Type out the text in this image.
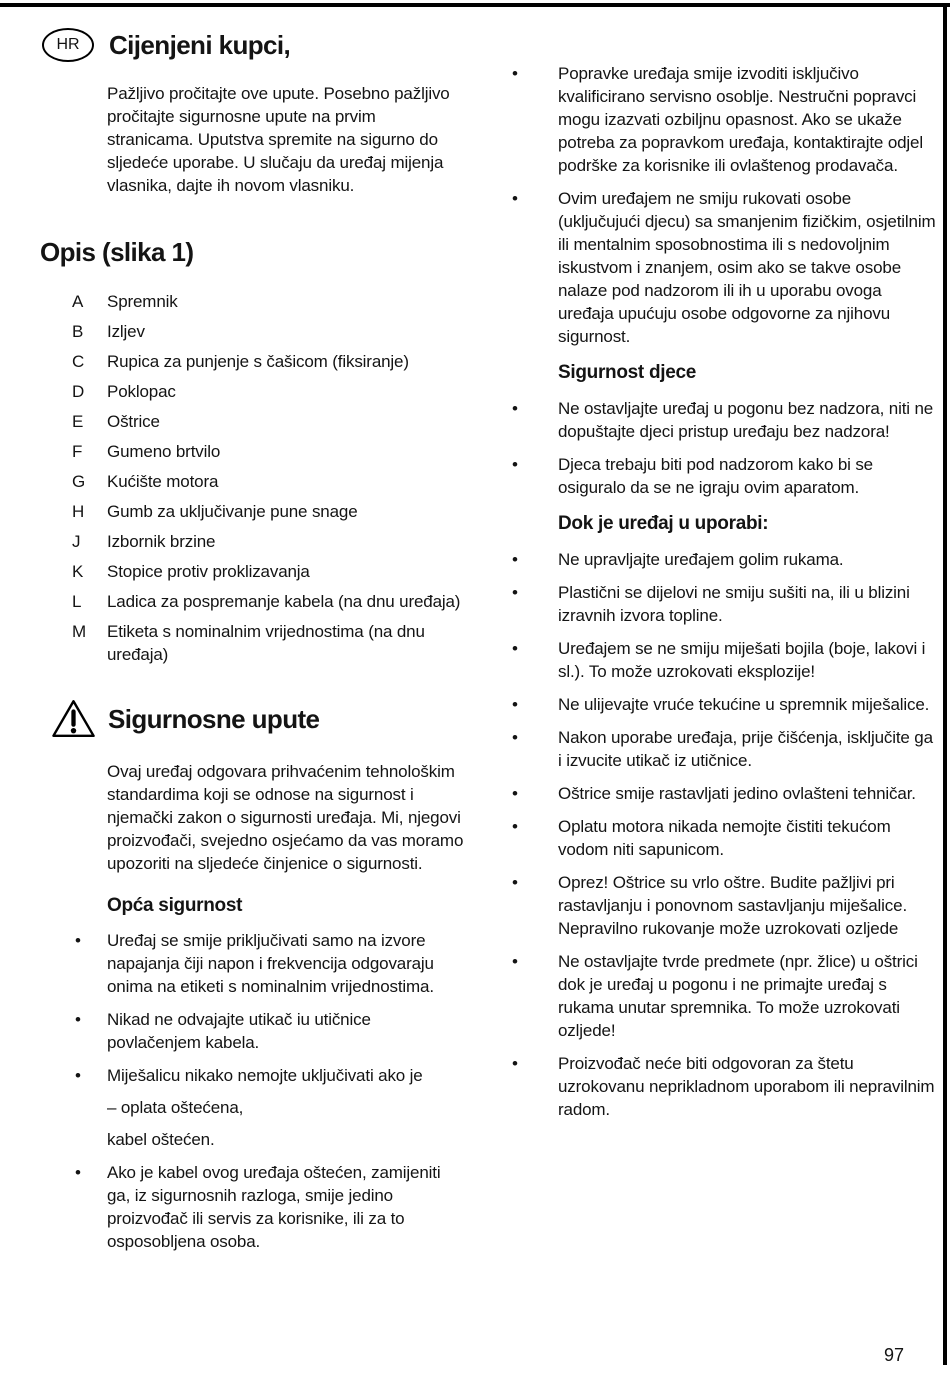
HR	Cijenjeni kupci,

Pažljivo pročitajte ove upute. Posebno pažljivo pročitajte sigurnosne upute na prvim stranicama. Uputstva spremite na sigurno do sljedeće uporabe. U slučaju da uređaj mijenja vlasnika, dajte ih novom vlasniku.

Opis (slika 1)
A	Spremnik
B	Izljev
C	Rupica za punjenje s čašicom (fiksiranje)
D	Poklopac
E	Oštrice
F	Gumeno brtvilo
G	Kućište motora
H	Gumb za uključivanje pune snage
J	Izbornik brzine
K	Stopice protiv proklizavanja
L	Ladica za pospremanje kabela (na dnu uređaja)
M	Etiketa s nominalnim vrijednostima (na dnu uređaja)
Sigurnosne upute

Ovaj uređaj odgovara prihvaćenim tehnološkim standardima koji se odnose na sigurnost i njemački zakon o sigurnosti uređaja. Mi, njegovi proizvođači, svejedno osjećamo da vas moramo upozoriti na sljedeće činjenice o sigurnosti.

Opća sigurnost
•	Uređaj se smije priključivati samo na izvore napajanja čiji napon i frekvencija odgovaraju onima na etiketi s nominalnim vrijednostima.
•	Nikad ne odvajajte utikač iu utičnice povlačenjem kabela.
•	Miješalicu nikako nemojte uključivati ako je
– oplata oštećena,
kabel oštećen.
•	Ako je kabel ovog uređaja oštećen, zamijeniti ga, iz sigurnosnih razloga, smije jedino proizvođač ili servis za korisnike, ili za to osposobljena osoba.
•	Popravke uređaja smije izvoditi isključivo kvalificirano servisno osoblje. Nestručni popravci mogu izazvati ozbiljnu opasnost. Ako se ukaže potreba za popravkom uređaja, kontaktirajte odjel podrške za korisnike ili ovlaštenog prodavača.
•	Ovim uređajem ne smiju rukovati osobe (uključujući djecu) sa smanjenim fizičkim, osjetilnim ili mentalnim sposobnostima ili s nedovoljnim iskustvom i znanjem, osim ako se takve osobe nalaze pod nadzorom ili ih u uporabu ovoga uređaja upućuju osobe odgovorne za njihovu sigurnost.
Sigurnost djece
•	Ne ostavljajte uređaj u pogonu bez nadzora, niti ne dopuštajte djeci pristup uređaju bez nadzora!
•	Djeca trebaju biti pod nadzorom kako bi se osiguralo da se ne igraju ovim aparatom.
Dok je uređaj u uporabi:
•	Ne upravljajte uređajem golim rukama.
•	Plastični se dijelovi ne smiju sušiti na, ili u blizini izravnih izvora topline.
•	Uređajem se ne smiju miješati bojila (boje, lakovi i sl.). To može uzrokovati eksplozije!
•	Ne ulijevajte vruće tekućine u spremnik miješalice.
•	Nakon uporabe uređaja, prije čišćenja, isključite ga i izvucite utikač iz utičnice.
•	Oštrice smije rastavljati jedino ovlašteni tehničar.
•	Oplatu motora nikada nemojte čistiti tekućom vodom niti sapunicom.
•	Oprez! Oštrice su vrlo oštre. Budite pažljivi pri rastavljanju i ponovnom sastavljanju miješalice. Nepravilno rukovanje može uzrokovati ozljede
•	Ne ostavljajte tvrde predmete (npr. žlice) u oštrici dok je uređaj u pogonu i ne primajte uređaj s rukama unutar spremnika. To može uzrokovati ozljede!
•	Proizvođač neće biti odgovoran za štetu uzrokovanu neprikladnom uporabom ili nepravilnim radom.
97
